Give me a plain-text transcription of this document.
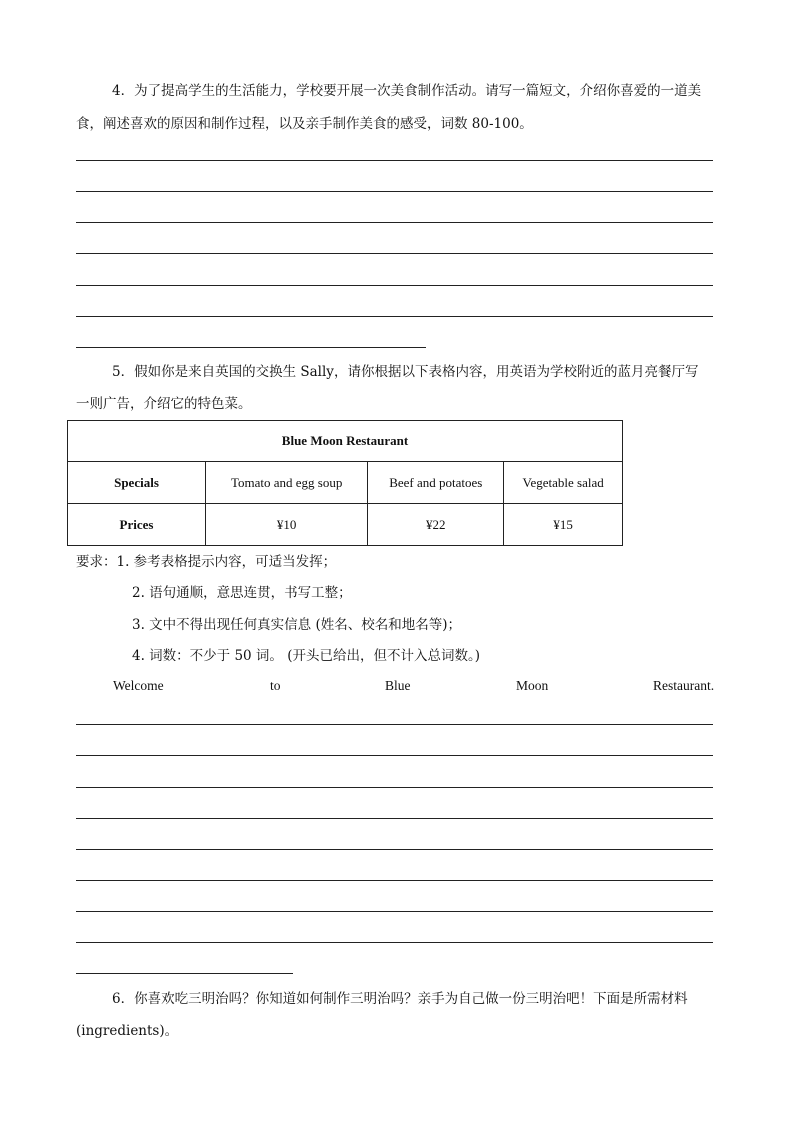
4．为了提高学生的生活能力，学校要开展一次美食制作活动。请写一篇短文，介绍你喜爱的一道美
食，阐述喜欢的原因和制作过程，以及亲手制作美食的感受，词数 80-100。
5．假如你是来自英国的交换生 Sally，请你根据以下表格内容，用英语为学校附近的蓝月亮餐厅写
一则广告，介绍它的特色菜。
Blue Moon Restaurant			
Specials	Tomato and egg soup	Beef and potatoes	Vegetable salad
Prices	¥10	¥22	¥15
要求：1. 参考表格提示内容，可适当发挥；
2. 语句通顺，意思连贯，书写工整；
3. 文中不得出现任何真实信息 (姓名、校名和地名等)；
4. 词数：不少于 50 词。 (开头已给出，但不计入总词数。)
Welcome	to	Blue	Moon	Restaurant.
6．你喜欢吃三明治吗？你知道如何制作三明治吗？亲手为自己做一份三明治吧！下面是所需材料
(ingredients)。
